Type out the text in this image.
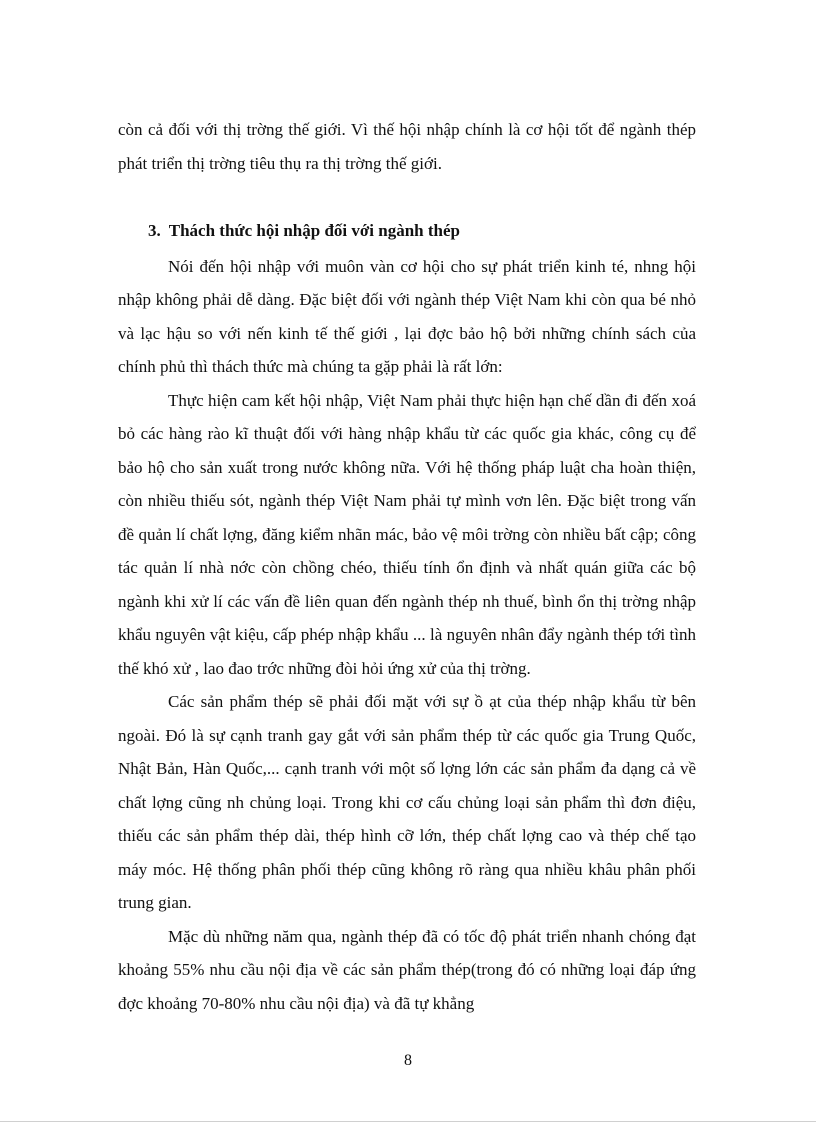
còn cả đối với thị trờng thế giới. Vì thế hội nhập chính là cơ hội tốt để ngành thép phát triển thị trờng tiêu thụ ra thị trờng thế giới.

3. Thách thức hội nhập đối với ngành thép

Nói đến hội nhập với muôn vàn cơ hội cho sự phát triển kinh té, nhng hội nhập không phải dễ dàng. Đặc biệt đối với ngành thép Việt Nam khi còn qua bé nhỏ và lạc hậu so với nến kinh tế thế giới , lại đợc bảo hộ bởi những chính sách của chính phủ thì thách thức mà chúng ta gặp phải là rất lớn:

Thực hiện cam kết hội nhập, Việt Nam phải thực hiện hạn chế dần đi đến xoá bỏ các hàng rào kĩ thuật đối với hàng nhập khẩu từ các quốc gia khác, công cụ để bảo hộ cho sản xuất trong nước không nữa. Với hệ thống pháp luật cha hoàn thiện, còn nhiều thiếu sót, ngành thép Việt Nam phải tự mình vơn lên. Đặc biệt trong vấn đề quản lí chất lợng, đăng kiểm nhãn mác, bảo vệ môi trờng còn nhiều bất cập; công tác quản lí nhà nớc còn chồng chéo, thiếu tính ổn định và nhất quán giữa các bộ ngành khi xử lí các vấn đề liên quan đến ngành thép nh thuế, bình ổn thị trờng nhập khẩu nguyên vật kiệu, cấp phép nhập khẩu ... là nguyên nhân đẩy ngành thép tới tình thế khó xử , lao đao trớc những đòi hỏi ứng xử của thị trờng.

Các sản phẩm thép sẽ phải đối mặt với sự ồ ạt của thép nhập khẩu từ bên ngoài. Đó là sự cạnh tranh gay gắt với sản phẩm thép từ các quốc gia Trung Quốc, Nhật Bản, Hàn Quốc,... cạnh tranh với một số lợng lớn các sản phẩm đa dạng cả về chất lợng cũng nh chủng loại. Trong khi cơ cấu chủng loại sản phẩm thì đơn điệu, thiếu các sản phẩm thép dài, thép hình cỡ lớn, thép chất lợng cao và thép chế tạo máy móc. Hệ thống phân phối thép cũng không rõ ràng qua nhiều khâu phân phối trung gian.

Mặc dù những năm qua, ngành thép đã có tốc độ phát triển nhanh chóng đạt khoảng 55% nhu cầu nội địa về các sản phẩm thép(trong đó có những loại đáp ứng đợc khoảng 70-80% nhu cầu nội địa) và đã tự khẳng

8
